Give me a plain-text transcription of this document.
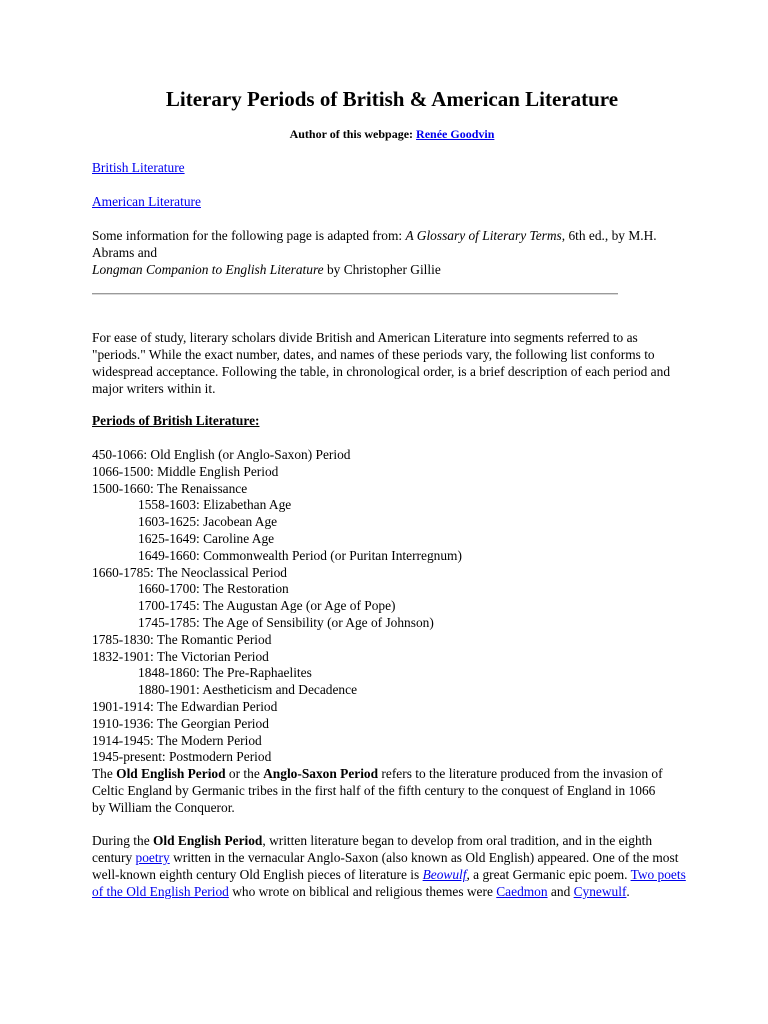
Literary Periods of British & American Literature
Author of this webpage: Renée Goodvin
British Literature
American Literature

Some information for the following page is adapted from: A Glossary of Literary Terms, 6th ed., by M.H. Abrams and
Longman Companion to English Literature by Christopher Gillie

For ease of study, literary scholars divide British and American Literature into segments referred to as "periods." While the exact number, dates, and names of these periods vary, the following list conforms to widespread acceptance. Following the table, in chronological order, is a brief description of each period and major writers within it.

Periods of British Literature:
450-1066: Old English (or Anglo-Saxon) Period
1066-1500: Middle English Period
1500-1660: The Renaissance
1558-1603: Elizabethan Age
1603-1625: Jacobean Age
1625-1649: Caroline Age
1649-1660: Commonwealth Period (or Puritan Interregnum)
1660-1785: The Neoclassical Period
1660-1700: The Restoration
1700-1745: The Augustan Age (or Age of Pope)
1745-1785: The Age of Sensibility (or Age of Johnson)
1785-1830: The Romantic Period
1832-1901: The Victorian Period
1848-1860: The Pre-Raphaelites
1880-1901: Aestheticism and Decadence
1901-1914: The Edwardian Period
1910-1936: The Georgian Period
1914-1945: The Modern Period
1945-present: Postmodern Period

The Old English Period or the Anglo-Saxon Period refers to the literature produced from the invasion of Celtic England by Germanic tribes in the first half of the fifth century to the conquest of England in 1066 by William the Conqueror.

During the Old English Period, written literature began to develop from oral tradition, and in the eighth century poetry written in the vernacular Anglo-Saxon (also known as Old English) appeared. One of the most well-known eighth century Old English pieces of literature is Beowulf, a great Germanic epic poem. Two poets of the Old English Period who wrote on biblical and religious themes were Caedmon and Cynewulf.
